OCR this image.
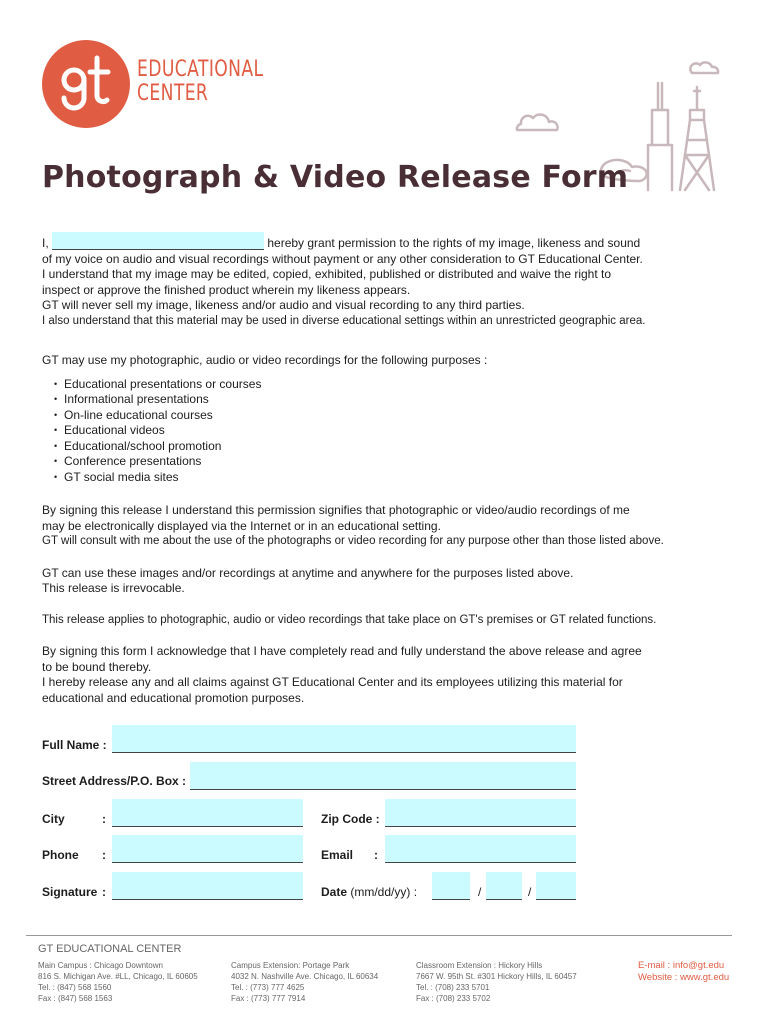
EDUCATIONAL
CENTER
Photograph & Video Release Form

I,	hereby grant permission to the rights of my image, likeness and sound

of my voice on audio and visual recordings without payment or any other consideration to GT Educational Center.

I understand that my image may be edited, copied, exhibited, published or distributed and waive the right to

inspect or approve the finished product wherein my likeness appears.

GT will never sell my image, likeness and/or audio and visual recording to any third parties.

I also understand that this material may be used in diverse educational settings within an unrestricted geographic area.

GT may use my photographic, audio or video recordings for the following purposes :

• Educational presentations or courses
• Informational presentations
• On-line educational courses
• Educational videos
• Educational/school promotion
• Conference presentations
• GT social media sites

By signing this release I understand this permission signifies that photographic or video/audio recordings of me

may be electronically displayed via the Internet or in an educational setting.

GT will consult with me about the use of the photographs or video recording for any purpose other than those listed above.

GT can use these images and/or recordings at anytime and anywhere for the purposes listed above.

This release is irrevocable.

This release applies to photographic, audio or video recordings that take place on GT's premises or GT related functions.

By signing this form I acknowledge that I have completely read and fully understand the above release and agree

to be bound thereby.

I hereby release any and all claims against GT Educational Center and its employees utilizing this material for

educational and educational promotion purposes.

Full Name :
Street Address/P.O. Box :
City	:	Zip Code :
Phone :	Email :
Signature :	Date (mm/dd/yy) :	/	/
GT EDUCATIONAL CENTER
Main Campus : Chicago Downtown
816 S. Michigan Ave. #LL, Chicago, IL 60605
Tel. : (847) 568 1560
Fax : (847) 568 1563
Campus Extension: Portage Park
4032 N. Nashville Ave. Chicago, IL 60634
Tel. : (773) 777 4625
Fax : (773) 777 7914
Classroom Extension : Hickory Hills
7667 W. 95th St. #301 Hickory Hills, IL 60457
Tel. : (708) 233 5701
Fax : (708) 233 5702
E-mail : info@gt.edu
Website : www.gt.edu
